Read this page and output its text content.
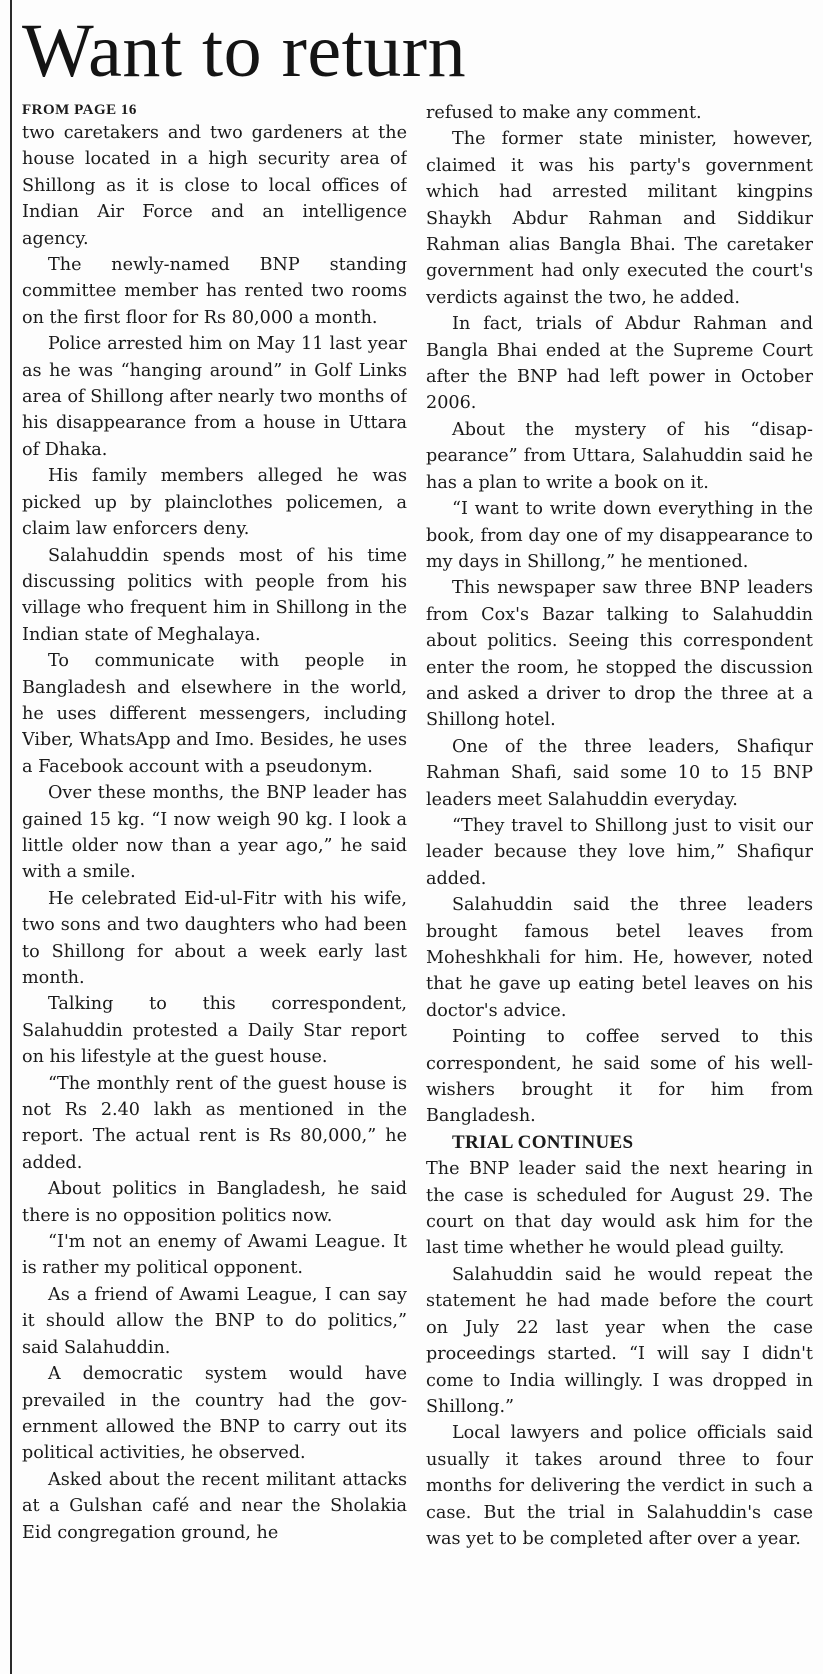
Want to return
FROM PAGE 16

two caretakers and two gardeners at the house located in a high security area of Shillong as it is close to local offices of Indian Air Force and an intelligence agency.

The newly-named BNP standing committee member has rented two rooms on the first floor for Rs 80,000 a month.

Police arrested him on May 11 last year as he was “hanging around” in Golf Links area of Shillong after nearly two months of his disappearance from a house in Uttara of Dhaka.

His family members alleged he was picked up by plainclothes policemen, a claim law enforcers deny.

Salahuddin spends most of his time discussing politics with people from his village who frequent him in Shillong in the Indian state of Meghalaya.

To communicate with people in Bangladesh and elsewhere in the world, he uses different messengers, including Viber, WhatsApp and Imo. Besides, he uses a Facebook account with a pseudonym.

Over these months, the BNP leader has gained 15 kg. “I now weigh 90 kg. I look a little older now than a year ago,” he said with a smile.

He celebrated Eid-ul-Fitr with his wife, two sons and two daughters who had been to Shillong for about a week early last month.

Talking to this correspondent, Salahuddin protested a Daily Star report on his lifestyle at the guest house.

“The monthly rent of the guest house is not Rs 2.40 lakh as mentioned in the report. The actual rent is Rs 80,000,” he added.

About politics in Bangladesh, he said there is no opposition politics now.

“I'm not an enemy of Awami League. It is rather my political opponent.

As a friend of Awami League, I can say it should allow the BNP to do politics,” said Salahuddin.

A democratic system would have prevailed in the country had the government allowed the BNP to carry out its political activities, he observed.

Asked about the recent militant attacks at a Gulshan café and near the Sholakia Eid congregation ground, he

refused to make any comment.

The former state minister, however, claimed it was his party's government which had arrested militant kingpins Shaykh Abdur Rahman and Siddikur Rahman alias Bangla Bhai. The caretaker government had only executed the court's verdicts against the two, he added.

In fact, trials of Abdur Rahman and Bangla Bhai ended at the Supreme Court after the BNP had left power in October 2006.

About the mystery of his “disappearance” from Uttara, Salahuddin said he has a plan to write a book on it.

“I want to write down everything in the book, from day one of my disappearance to my days in Shillong,” he mentioned.

This newspaper saw three BNP leaders from Cox's Bazar talking to Salahuddin about politics. Seeing this correspondent enter the room, he stopped the discussion and asked a driver to drop the three at a Shillong hotel.

One of the three leaders, Shafiqur Rahman Shafi, said some 10 to 15 BNP leaders meet Salahuddin everyday.

“They travel to Shillong just to visit our leader because they love him,” Shafiqur added.

Salahuddin said the three leaders brought famous betel leaves from Moheshkhali for him. He, however, noted that he gave up eating betel leaves on his doctor's advice.

Pointing to coffee served to this correspondent, he said some of his well-wishers brought it for him from Bangladesh.

TRIAL CONTINUES

The BNP leader said the next hearing in the case is scheduled for August 29. The court on that day would ask him for the last time whether he would plead guilty.

Salahuddin said he would repeat the statement he had made before the court on July 22 last year when the case proceedings started. “I will say I didn't come to India willingly. I was dropped in Shillong.”

Local lawyers and police officials said usually it takes around three to four months for delivering the verdict in such a case. But the trial in Salahuddin's case was yet to be completed after over a year.
